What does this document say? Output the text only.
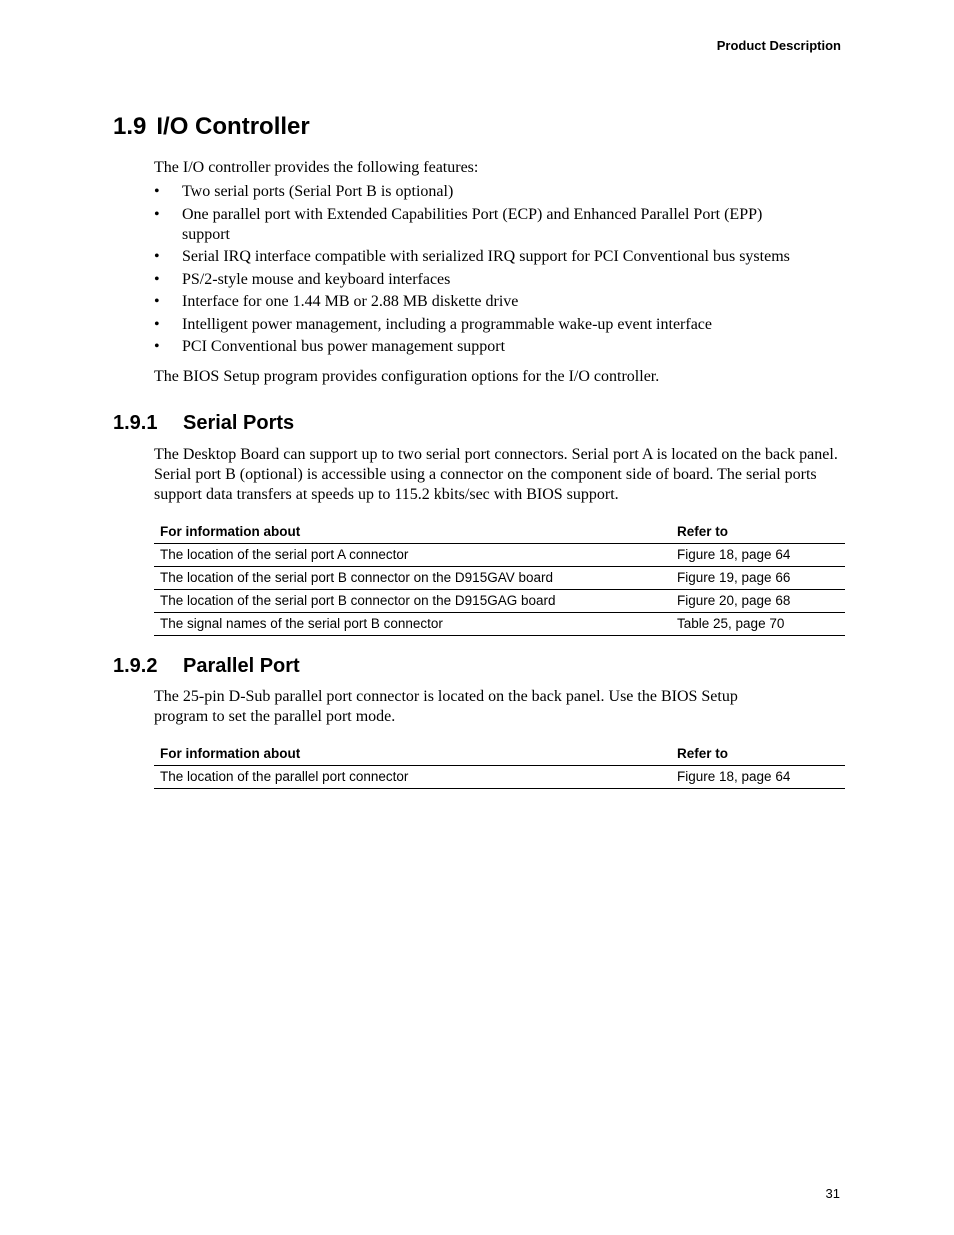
Product Description
1.9 I/O Controller

The I/O controller provides the following features:

• Two serial ports (Serial Port B is optional)
• One parallel port with Extended Capabilities Port (ECP) and Enhanced Parallel Port (EPP) support
• Serial IRQ interface compatible with serialized IRQ support for PCI Conventional bus systems
• PS/2-style mouse and keyboard interfaces
• Interface for one 1.44 MB or 2.88 MB diskette drive
• Intelligent power management, including a programmable wake-up event interface
• PCI Conventional bus power management support

The BIOS Setup program provides configuration options for the I/O controller.

1.9.1 Serial Ports

The Desktop Board can support up to two serial port connectors. Serial port A is located on the back panel. Serial port B (optional) is accessible using a connector on the component side of board. The serial ports support data transfers at speeds up to 115.2 kbits/sec with BIOS support.

For information about	Refer to
The location of the serial port A connector	Figure 18, page 64
The location of the serial port B connector on the D915GAV board	Figure 19, page 66
The location of the serial port B connector on the D915GAG board	Figure 20, page 68
The signal names of the serial port B connector	Table 25, page 70
1.9.2 Parallel Port

The 25-pin D-Sub parallel port connector is located on the back panel. Use the BIOS Setup program to set the parallel port mode.

For information about	Refer to
The location of the parallel port connector	Figure 18, page 64
31
